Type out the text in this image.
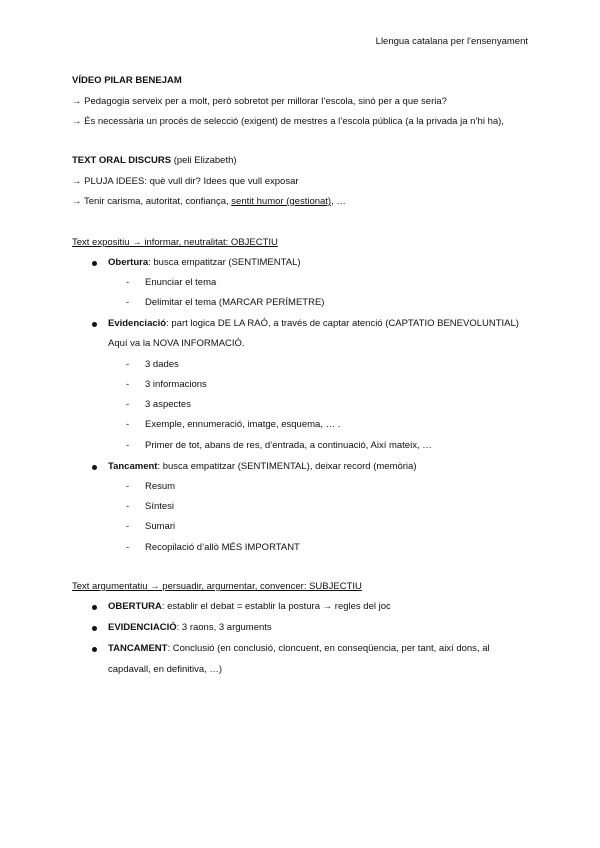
Llengua catalana per l'ensenyament
VÍDEO PILAR BENEJAM
→ Pedagogia serveix per a molt, però sobretot per millorar l’escola, sinó per a que seria?
→ És necessària un procés de selecció (exigent) de mestres a l’escola pública (a la privada ja n’hi ha),
TEXT ORAL DISCURS (peli Elizabeth)
→ PLUJA IDEES: què vull dir? Idees que vull exposar
→ Tenir carisma, autoritat, confiança, sentit humor (gestionat), …
Text expositiu → informar, neutralitat: OBJECTIU
Obertura: busca empatitzar (SENTIMENTAL)
- Enunciar el tema
- Delimitar el tema (MARCAR PERÍMETRE)
Evidenciació: part logica DE LA RAÓ, a través de captar atenció (CAPTATIO BENEVOLUNTIAL)
Aquí va la NOVA INFORMACIÓ.
- 3 dades
- 3 informacions
- 3 aspectes
- Exemple, ennumeració, imatge, esquema, … .
- Primer de tot, abans de res, d’entrada, a continuació, Així mateix, …
Tancament: busca empatitzar (SENTIMENTAL), deixar record (memòria)
- Resum
- Síntesi
- Sumari
- Recopilació d’allò MÉS IMPORTANT
Text argumentatiu → persuadir, argumentar, convencer: SUBJECTIU
OBERTURA: establir el debat = establir la postura → regles del joc
EVIDENCIACIÓ: 3 raons, 3 arguments
TANCAMENT: Conclusió (en conclusió, cloncuent, en conseqüencia, per tant, així dons, al
capdavall, en definitiva, …)
